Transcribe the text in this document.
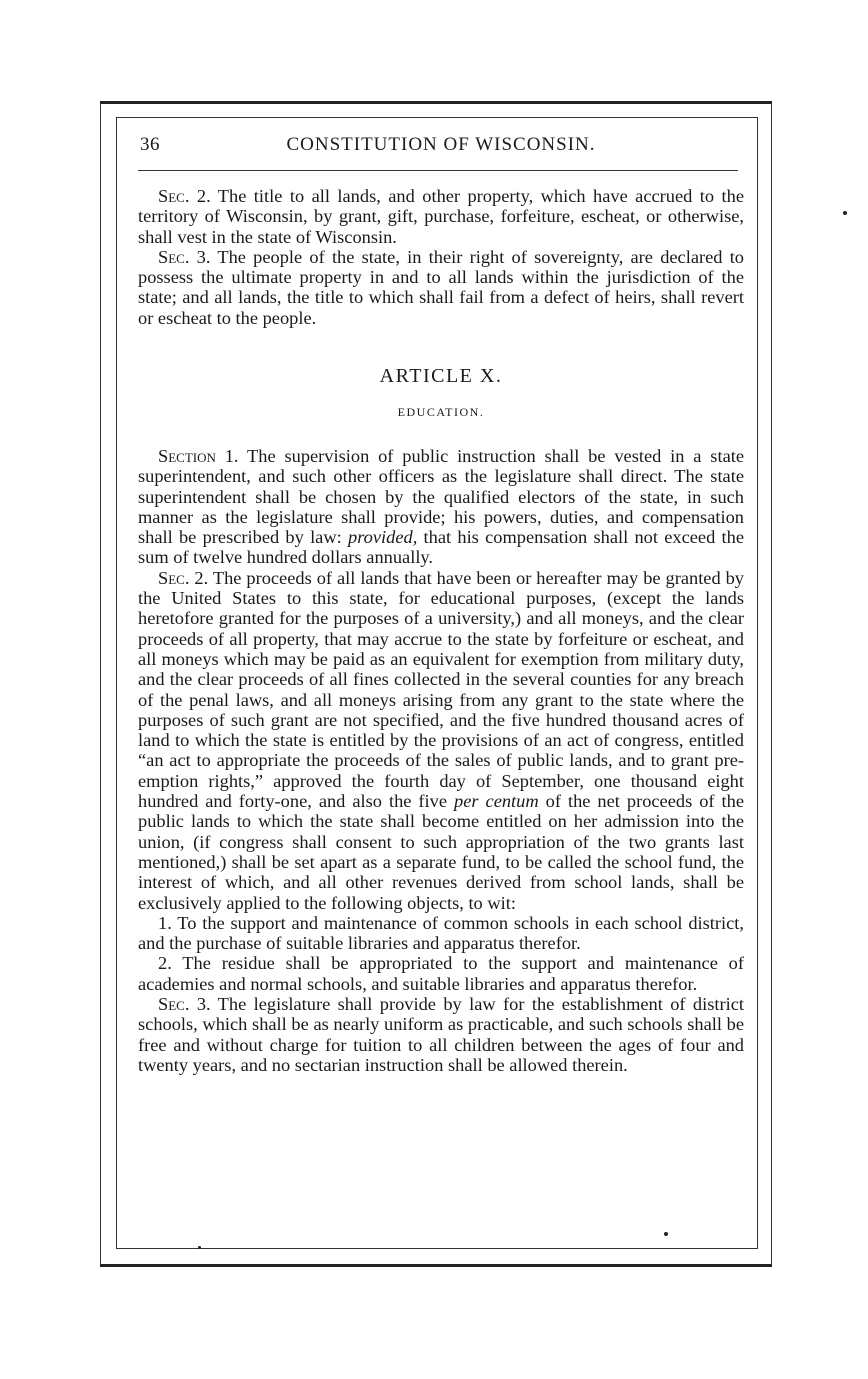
36	CONSTITUTION OF WISCONSIN.

Sec. 2. The title to all lands, and other property, which have accrued to the territory of Wisconsin, by grant, gift, purchase, forfeiture, escheat, or otherwise, shall vest in the state of Wisconsin.

Sec. 3. The people of the state, in their right of sovereignty, are declared to possess the ultimate property in and to all lands within the jurisdiction of the state; and all lands, the title to which shall fail from a defect of heirs, shall revert or escheat to the people.

ARTICLE X.
EDUCATION.

Section 1. The supervision of public instruction shall be vested in a state superintendent, and such other officers as the legislature shall direct. The state superintendent shall be chosen by the qualified electors of the state, in such manner as the legislature shall provide; his powers, duties, and compensation shall be prescribed by law: provided, that his compensation shall not exceed the sum of twelve hundred dollars annually.

Sec. 2. The proceeds of all lands that have been or hereafter may be granted by the United States to this state, for educational purposes, (except the lands heretofore granted for the purposes of a university,) and all moneys, and the clear proceeds of all property, that may accrue to the state by forfeiture or escheat, and all moneys which may be paid as an equivalent for exemption from military duty, and the clear proceeds of all fines collected in the several counties for any breach of the penal laws, and all moneys arising from any grant to the state where the purposes of such grant are not specified, and the five hundred thousand acres of land to which the state is entitled by the provisions of an act of congress, entitled “an act to appropriate the proceeds of the sales of public lands, and to grant pre-emption rights,” approved the fourth day of September, one thousand eight hundred and forty-one, and also the five per centum of the net proceeds of the public lands to which the state shall become entitled on her admission into the union, (if congress shall consent to such appropriation of the two grants last mentioned,) shall be set apart as a separate fund, to be called the school fund, the interest of which, and all other revenues derived from school lands, shall be exclusively applied to the following objects, to wit:

1. To the support and maintenance of common schools in each school district, and the purchase of suitable libraries and apparatus therefor.

2. The residue shall be appropriated to the support and maintenance of academies and normal schools, and suitable libraries and apparatus therefor.

Sec. 3. The legislature shall provide by law for the establishment of district schools, which shall be as nearly uniform as practicable, and such schools shall be free and without charge for tuition to all children between the ages of four and twenty years, and no sectarian instruction shall be allowed therein.
